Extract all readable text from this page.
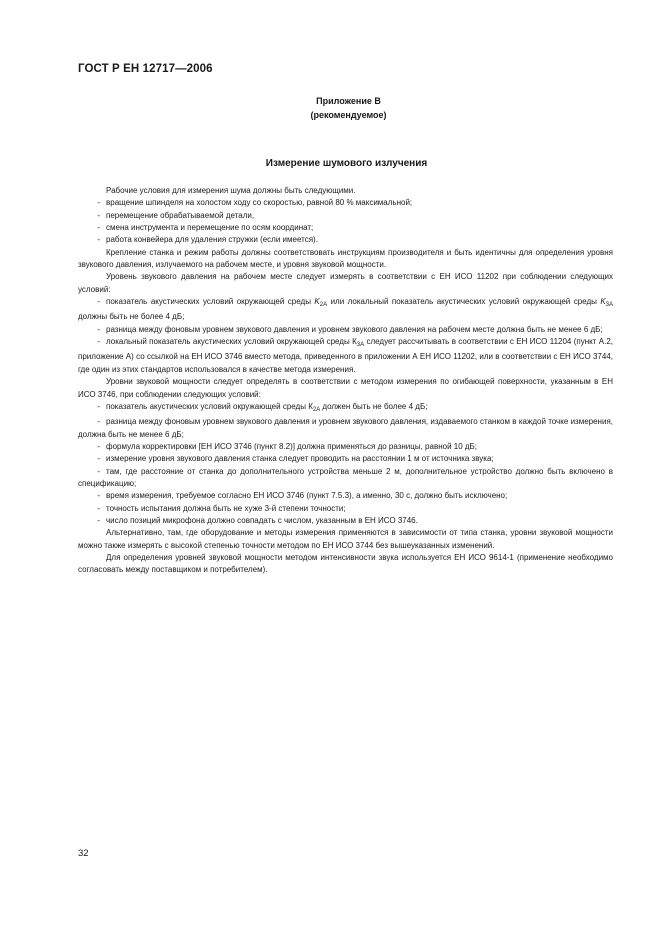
ГОСТ Р ЕН 12717—2006
Приложение В
(рекомендуемое)
Измерение шумового излучения

Рабочие условия для измерения шума должны быть следующими.

- вращение шпинделя на холостом ходу со скоростью, равной 80 % максимальной;

- перемещение обрабатываемой детали,

- смена инструмента и перемещение по осям координат;

- работа конвейера для удаления стружки (если имеется).

Крепление станка и режим работы должны соответствовать инструкциям производителя и быть идентичны для определения уровня звукового давления, излучаемого на рабочем месте, и уровня звуковой мощности.

Уровень звукового давления на рабочем месте следует измерять в соответствии с ЕН ИСО 11202 при соблюдении следующих условий:

- показатель акустических условий окружающей среды $K_{2A}$ или локальный показатель акустических условий окружающей среды $K_{3A}$ должны быть не более 4 дБ;

- разница между фоновым уровнем звукового давления и уровнем звукового давления на рабочем месте должна быть не менее 6 дБ;

- локальный показатель акустических условий окружающей среды $К_{3A}$ следует рассчитывать в соответствии с ЕН ИСО 11204 (пункт А.2, приложение А) со ссылкой на ЕН ИСО 3746 вместо метода, приведенного в приложении А ЕН ИСО 11202, или в соответствии с ЕН ИСО 3744, где один из этих стандартов использовался в качестве метода измерения.

Уровни звуковой мощности следует определять в соответствии с методом измерения по огибающей поверхности, указанным в ЕН ИСО 3746, при соблюдении следующих условий:

- показатель акустических условий окружающей среды $К_{2A}$ должен быть не более 4 дБ;

- разница между фоновым уровнем звукового давления и уровнем звукового давления, издаваемого станком в каждой точке измерения, должна быть не менее 6 дБ;

- формула корректировки [ЕН ИСО 3746 (пункт 8.2)] должна применяться до разницы, равной 10 дБ;

- измерение уровня звукового давления станка следует проводить на расстоянии 1 м от источника звука;

- там, где расстояние от станка до дополнительного устройства меньше 2 м, дополнительное устройство должно быть включено в спецификацию;

- время измерения, требуемое согласно ЕН ИСО 3746 (пункт 7.5.3), а именно, 30 с, должно быть исключено;

- точность испытания должна быть не хуже 3-й степени точности;

- число позиций микрофона должно совпадать с числом, указанным в ЕН ИСО 3746.

Альтернативно, там, где оборудование и методы измерения применяются в зависимости от типа станка, уровни звуковой мощности можно также измерять с высокой степенью точности методом по ЕН ИСО 3744 без вышеуказанных изменений.

Для определения уровней звуковой мощности методом интенсивности звука используется ЕН ИСО 9614-1 (применение необходимо согласовать между поставщиком и потребителем).

32
